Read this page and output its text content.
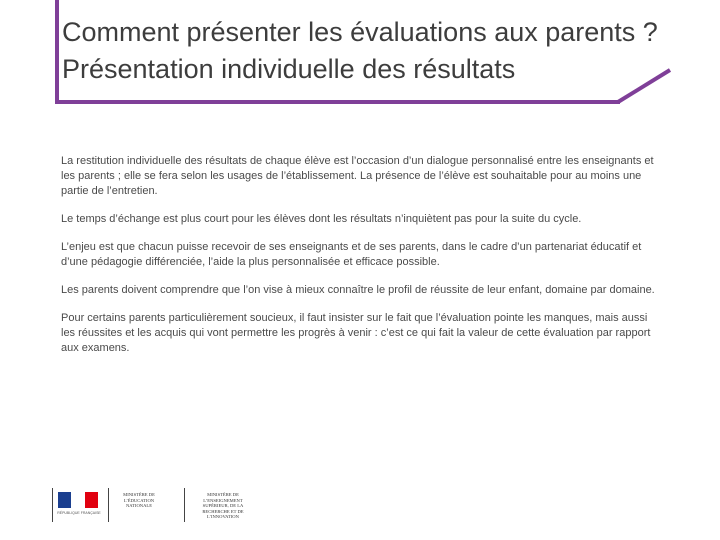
Comment présenter les évaluations aux parents ?
Présentation individuelle des résultats

La restitution individuelle des résultats de chaque élève est l’occasion d’un dialogue personnalisé entre les enseignants et les parents ; elle se fera selon les usages de l’établissement. La présence de l’élève est souhaitable pour au moins une partie de l’entretien.

Le temps d’échange est plus court pour les élèves dont les résultats n’inquiètent pas pour la suite du cycle.

L’enjeu est que chacun puisse recevoir de ses enseignants et de ses parents, dans le cadre d’un partenariat éducatif et d’une pédagogie différenciée, l’aide la plus personnalisée et efficace possible.

Les parents doivent comprendre que l’on vise à mieux connaître le profil de réussite de leur enfant, domaine par domaine.

Pour certains parents particulièrement soucieux, il faut insister sur le fait que l’évaluation pointe les manques, mais aussi les réussites et les acquis qui vont permettre les progrès à venir : c’est ce qui fait la valeur de cette évaluation par rapport aux examens.

RÉPUBLIQUE FRANÇAISE
MINISTÈRE DE L’ÉDUCATION NATIONALE
MINISTÈRE DE L’ENSEIGNEMENT SUPÉRIEUR, DE LA RECHERCHE ET DE L’INNOVATION
